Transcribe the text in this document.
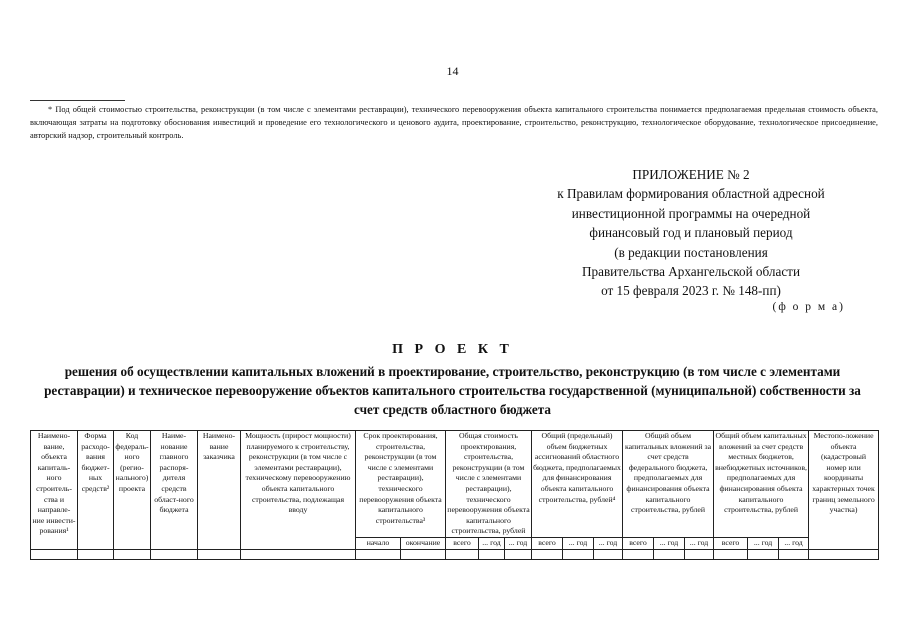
14
* Под общей стоимостью строительства, реконструкции (в том числе с элементами реставрации), технического перевооружения объекта капитального строительства понимается предполагаемая предельная стоимость объекта, включающая затраты на подготовку обоснования инвестиций и проведение его технологического и ценового аудита, проектирование, строительство, реконструкцию, технологическое оборудование, технологическое присоединение, авторский надзор, строительный контроль.
ПРИЛОЖЕНИЕ № 2
к Правилам формирования областной адресной
инвестиционной программы на очередной
финансовый год и плановый период
(в редакции постановления
Правительства Архангельской области
от 15 февраля 2023 г. № 148-пп)
(ф о р м а)
П Р О Е К Т
решения об осуществлении капитальных вложений в проектирование, строительство, реконструкцию (в том числе с элементами реставрации) и техническое перевооружение объектов капитального строительства государственной (муниципальной) собственности за счет средств областного бюджета
Наимено-вание, объекта капиталь-ного строитель-ства и направле-ние инвести-рования¹	Форма расходо-вания бюджет-ных средств²	Код федераль-ного (регио-нального) проекта	Наиме-нование главного распоря-дителя средств област-ного бюджета	Наимено-вание заказчика	Мощность (прирост мощности) планируемого к строительству, реконструкции (в том числе с элементами реставрации), техническому перевооружению объекта капитального строительства, подлежащая вводу	Срок проектирования, строительства, реконструкции (в том числе с элементами реставрации), технического перевооружения объекта капитального строительства³		Общая стоимость проектирования, строительства, реконструкции (в том числе с элементами реставрации), технического перевооружения объекта капитального строительства, рублей			Общий (предельный) объем бюджетных ассигнований областного бюджета, предполагаемых для финансирования объекта капитального строительства, рублей⁴			Общий объем капитальных вложений за счет средств федерального бюджета, предполагаемых для финансирования объекта капитального строительства, рублей			Общий объем капитальных вложений за счет средств местных бюджетов, внебюджетных источников, предполагаемых для финансирования объекта капитального строительства, рублей			Местопо-ложение объекта (кадастровый номер или координаты характерных точек границ земельного участка)
						начало	окончание	всего	... год	... год	всего	... год	... год	всего	... год	... год	всего	... год	... год	
